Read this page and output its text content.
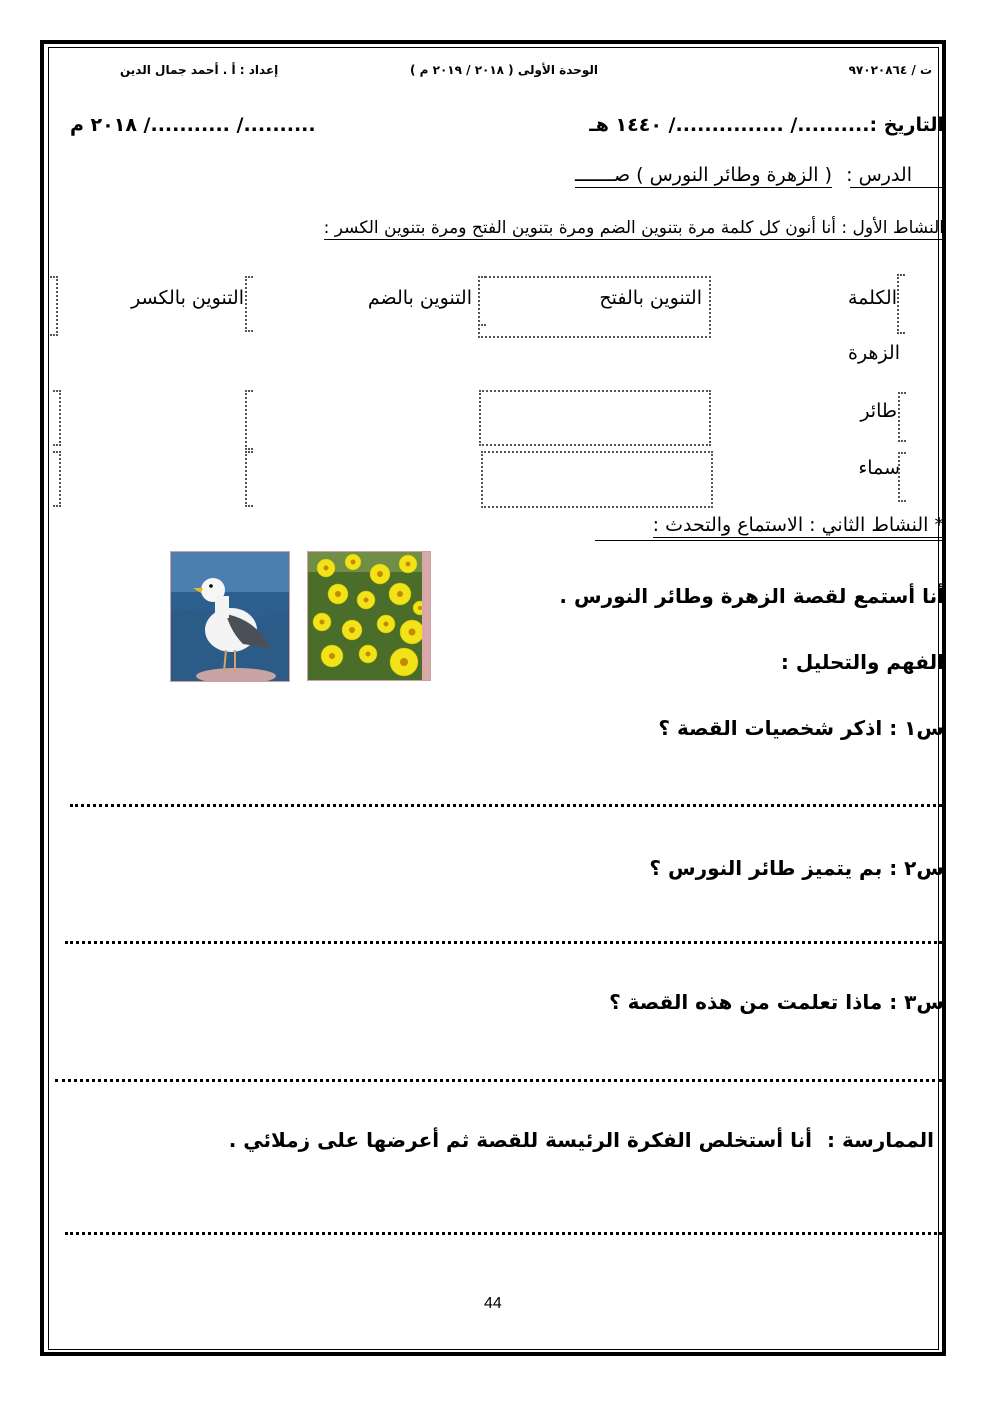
ت / ٩٧٠٢٠٨٦٤
الوحدة الأولى ( ٢٠١٨ / ٢٠١٩ م )
إعداد : أ . أحمد جمال الدين
التاريخ :........../ .............../ ١٤٤٠ هـ
........../ .........../ ٢٠١٨ م
الدرس :
( الزهرة وطائر النورس ) صـــــــ
النشاط الأول : أنا أنون كل كلمة مرة بتنوين الضم ومرة بتنوين الفتح ومرة بتنوين الكسر :
الكلمة
التنوين بالفتح
التنوين بالضم
التنوين بالكسر
الزهرة
طائر
سماء
* النشاط الثاني : الاستماع والتحدث :
أنا أستمع لقصة الزهرة وطائر النورس .
الفهم والتحليل :
س١ : اذكر شخصيات القصة ؟
س٢ : بم يتميز طائر النورس ؟
س٣ : ماذا تعلمت من هذه القصة ؟
الممارسة :
أنا أستخلص الفكرة الرئيسة للقصة ثم أعرضها على زملائي .
44
